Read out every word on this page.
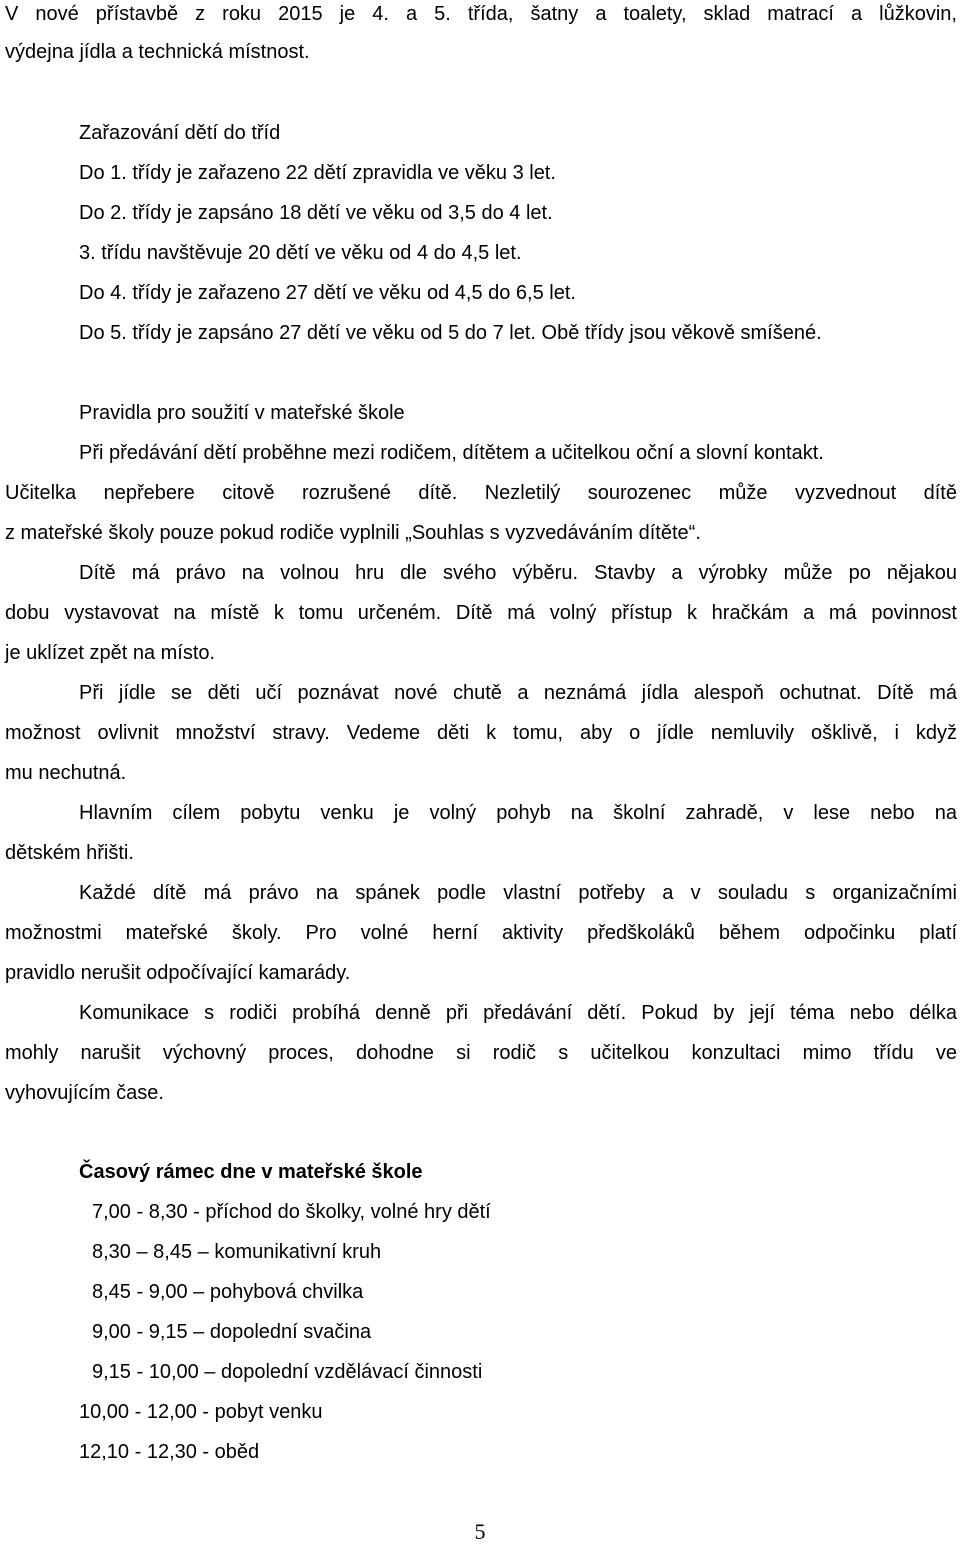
V nové přístavbě z roku 2015 je 4. a 5. třída, šatny a toalety, sklad matrací a lůžkovin,
výdejna jídla a technická místnost.
Zařazování dětí do tříd
Do 1. třídy je zařazeno 22 dětí zpravidla ve věku 3 let.
Do 2. třídy je zapsáno 18 dětí ve věku od 3,5 do 4 let.
3. třídu navštěvuje 20 dětí ve věku od 4 do 4,5 let.
Do 4. třídy je zařazeno 27 dětí ve věku od 4,5 do 6,5 let.
Do 5. třídy je zapsáno 27 dětí ve věku od 5 do 7 let. Obě třídy jsou věkově smíšené.
Pravidla pro soužití v mateřské škole
Při předávání dětí proběhne mezi rodičem, dítětem a učitelkou oční a slovní kontakt.
Učitelka nepřebere citově rozrušené dítě. Nezletilý sourozenec může vyzvednout dítě
z mateřské školy pouze pokud rodiče vyplnili „Souhlas s vyzvedáváním dítěte“.
Dítě má právo na volnou hru dle svého výběru. Stavby a výrobky může po nějakou
dobu vystavovat na místě k tomu určeném. Dítě má volný přístup k hračkám a má povinnost
je uklízet zpět na místo.
Při jídle se děti učí poznávat nové chutě a neznámá jídla alespoň ochutnat. Dítě má
možnost ovlivnit množství stravy. Vedeme děti k tomu, aby o jídle nemluvily ošklivě, i když
mu nechutná.
Hlavním cílem pobytu venku je volný pohyb na školní zahradě, v lese nebo na
dětském hřišti.
Každé dítě má právo na spánek podle vlastní potřeby a v souladu s organizačními
možnostmi mateřské školy. Pro volné herní aktivity předškoláků během odpočinku platí
pravidlo nerušit odpočívající kamarády.
Komunikace s rodiči probíhá denně při předávání dětí. Pokud by její téma nebo délka
mohly narušit výchovný proces, dohodne si rodič s učitelkou konzultaci mimo třídu ve
vyhovujícím čase.
Časový rámec dne v mateřské škole
7,00 - 8,30 - příchod do školky, volné hry dětí
8,30 – 8,45 – komunikativní kruh
8,45 - 9,00 – pohybová chvilka
9,00 - 9,15 – dopolední svačina
9,15 - 10,00 – dopolední vzdělávací činnosti
10,00 - 12,00 - pobyt venku
12,10 - 12,30 - oběd
5
